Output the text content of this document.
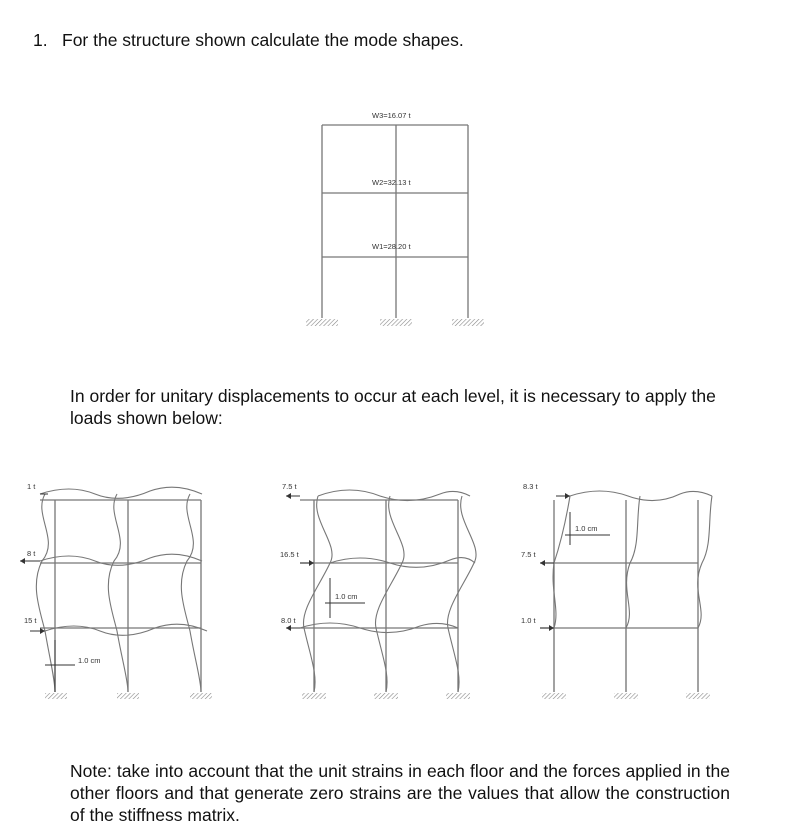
1. For the structure shown calculate the mode shapes.

In order for unitary displacements to occur at each level, it is necessary to apply the loads shown below:

Note: take into account that the unit strains in each floor and the forces applied in the other floors and that generate zero strains are the values that allow the construction of the stiffness matrix.

W3=16.07 t
W2=32.13 t
W1=28.20 t
1 t
8 t
15 t
1.0 cm
7.5 t
16.5 t
8.0 t
1.0 cm
8.3 t
7.5 t
1.0 t
1.0 cm
